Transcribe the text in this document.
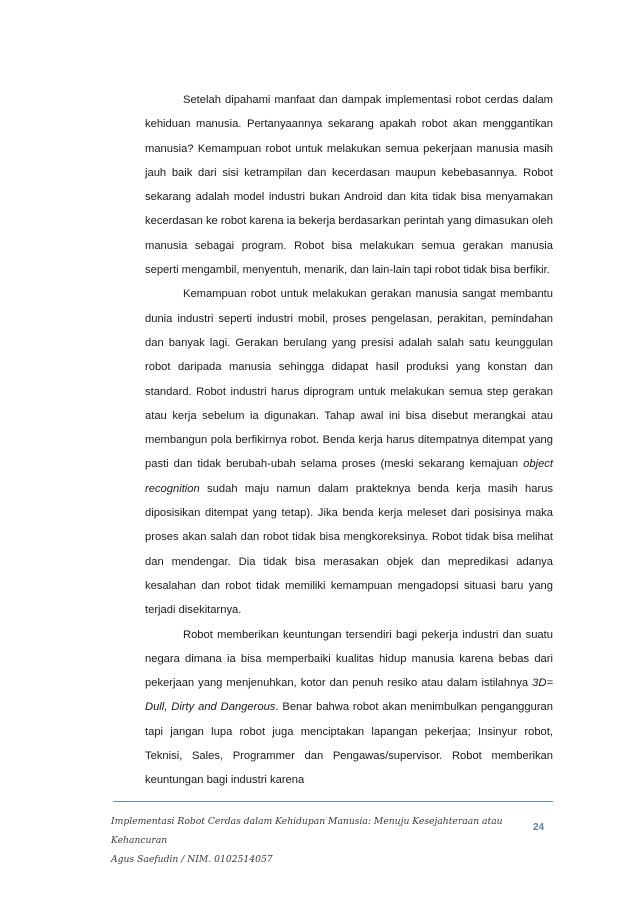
Setelah dipahami manfaat dan dampak implementasi robot cerdas dalam kehiduan manusia. Pertanyaannya sekarang apakah robot akan menggantikan manusia? Kemampuan robot untuk melakukan semua pekerjaan manusia masih jauh baik dari sisi ketrampilan dan kecerdasan maupun kebebasannya. Robot sekarang adalah model industri bukan Android dan kita tidak bisa menyamakan kecerdasan ke robot karena ia bekerja berdasarkan perintah yang dimasukan oleh manusia sebagai program. Robot bisa melakukan semua gerakan manusia seperti mengambil, menyentuh, menarik, dan lain-lain tapi robot tidak bisa berfikir.

Kemampuan robot untuk melakukan gerakan manusia sangat membantu dunia industri seperti industri mobil, proses pengelasan, perakitan, pemindahan dan banyak lagi. Gerakan berulang yang presisi adalah salah satu keunggulan robot daripada manusia sehingga didapat hasil produksi yang konstan dan standard. Robot industri harus diprogram untuk melakukan semua step gerakan atau kerja sebelum ia digunakan. Tahap awal ini bisa disebut merangkai atau membangun pola berfikirnya robot. Benda kerja harus ditempatnya ditempat yang pasti dan tidak berubah-ubah selama proses (meski sekarang kemajuan object recognition sudah maju namun dalam prakteknya benda kerja masih harus diposisikan ditempat yang tetap). Jika benda kerja meleset dari posisinya maka proses akan salah dan robot tidak bisa mengkoreksinya. Robot tidak bisa melihat dan mendengar. Dia tidak bisa merasakan objek dan mepredikasi adanya kesalahan dan robot tidak memiliki kemampuan mengadopsi situasi baru yang terjadi disekitarnya.

Robot memberikan keuntungan tersendiri bagi pekerja industri dan suatu negara dimana ia bisa memperbaiki kualitas hidup manusia karena bebas dari pekerjaan yang menjenuhkan, kotor dan penuh resiko atau dalam istilahnya 3D= Dull, Dirty and Dangerous. Benar bahwa robot akan menimbulkan pengangguran tapi jangan lupa robot juga menciptakan lapangan pekerjaa; Insinyur robot, Teknisi, Sales, Programmer dan Pengawas/supervisor. Robot memberikan keuntungan bagi industri karena

Implementasi Robot Cerdas dalam Kehidupan Manusia: Menuju Kesejahteraan atau Kehancuran
Agus Saefudin / NIM. 0102514057
24
